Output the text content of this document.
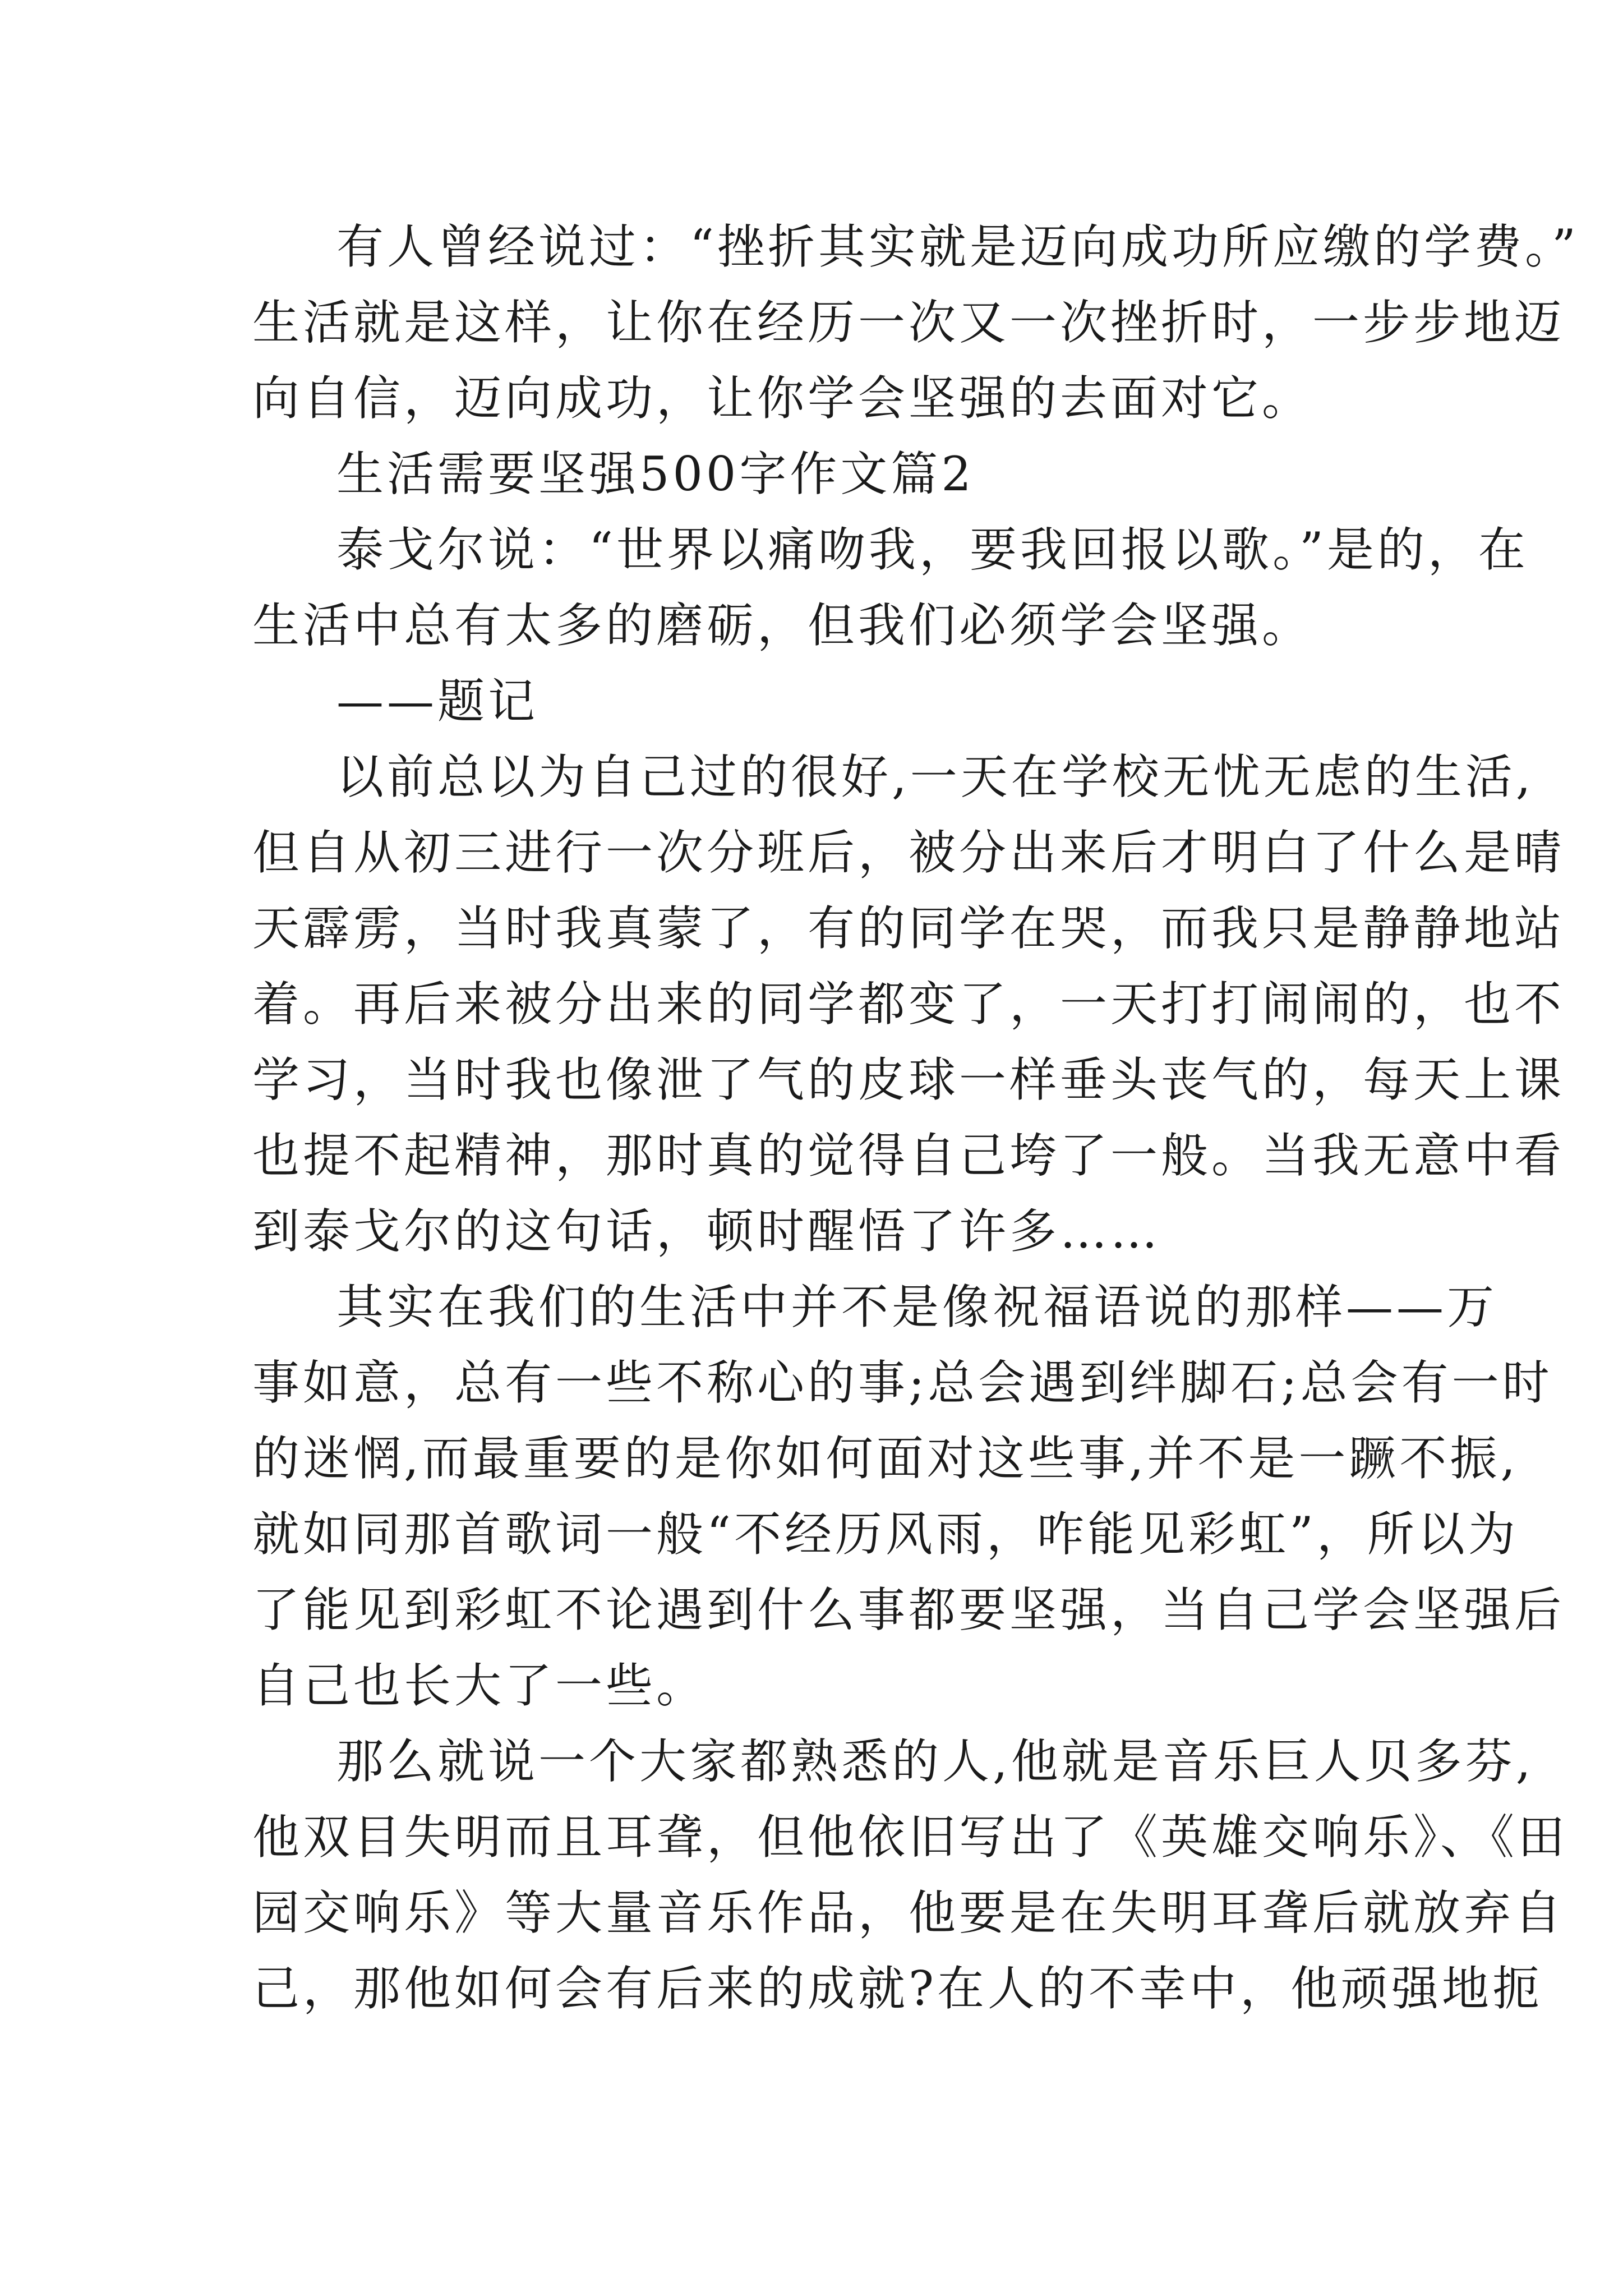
有人曾经说过：“挫折其实就是迈向成功所应缴的学费。”
生活就是这样，让你在经历一次又一次挫折时，一步步地迈
向自信，迈向成功，让你学会坚强的去面对它。
生活需要坚强500字作文篇2
泰戈尔说：“世界以痛吻我，要我回报以歌。”是的，在
生活中总有太多的磨砺，但我们必须学会坚强。
——题记
以前总以为自己过的很好,一天在学校无忧无虑的生活,
但自从初三进行一次分班后，被分出来后才明白了什么是晴
天霹雳，当时我真蒙了，有的同学在哭，而我只是静静地站
着。再后来被分出来的同学都变了，一天打打闹闹的，也不
学习，当时我也像泄了气的皮球一样垂头丧气的，每天上课
也提不起精神，那时真的觉得自己垮了一般。当我无意中看
到泰戈尔的这句话，顿时醒悟了许多……
其实在我们的生活中并不是像祝福语说的那样——万
事如意，总有一些不称心的事;总会遇到绊脚石;总会有一时
的迷惘,而最重要的是你如何面对这些事,并不是一蹶不振,
就如同那首歌词一般“不经历风雨，咋能见彩虹”，所以为
了能见到彩虹不论遇到什么事都要坚强，当自己学会坚强后
自己也长大了一些。
那么就说一个大家都熟悉的人,他就是音乐巨人贝多芬,
他双目失明而且耳聋，但他依旧写出了《英雄交响乐》、《田
园交响乐》等大量音乐作品，他要是在失明耳聋后就放弃自
己，那他如何会有后来的成就?在人的不幸中，他顽强地扼
